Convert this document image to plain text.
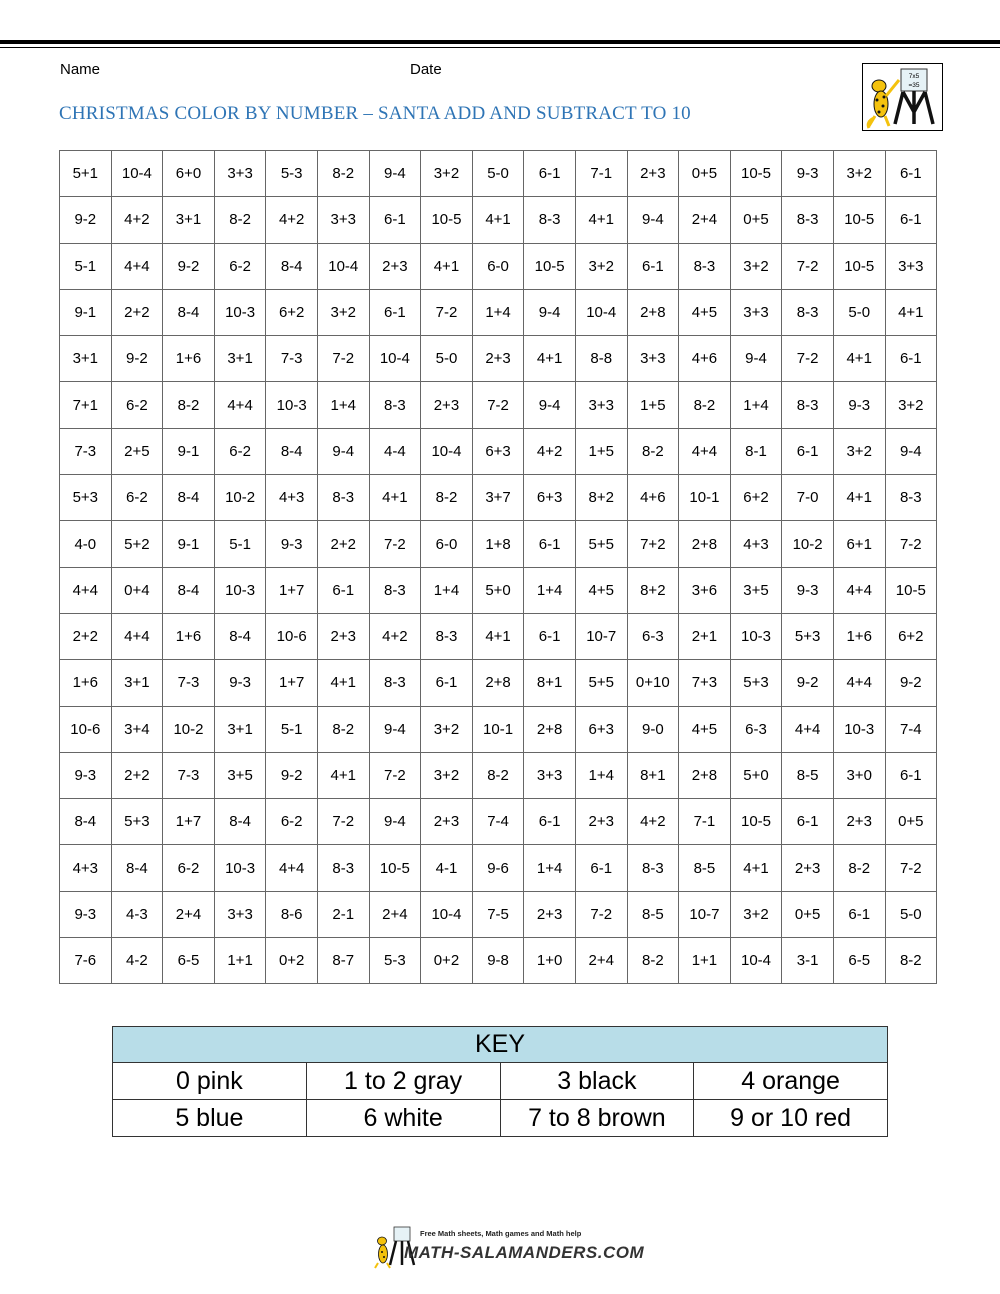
Name	Date
CHRISTMAS COLOR BY NUMBER – SANTA ADD AND SUBTRACT TO 10
7x5
=35
5+1	10-4	6+0	3+3	5-3	8-2	9-4	3+2	5-0	6-1	7-1	2+3	0+5	10-5	9-3	3+2	6-1
9-2	4+2	3+1	8-2	4+2	3+3	6-1	10-5	4+1	8-3	4+1	9-4	2+4	0+5	8-3	10-5	6-1
5-1	4+4	9-2	6-2	8-4	10-4	2+3	4+1	6-0	10-5	3+2	6-1	8-3	3+2	7-2	10-5	3+3
9-1	2+2	8-4	10-3	6+2	3+2	6-1	7-2	1+4	9-4	10-4	2+8	4+5	3+3	8-3	5-0	4+1
3+1	9-2	1+6	3+1	7-3	7-2	10-4	5-0	2+3	4+1	8-8	3+3	4+6	9-4	7-2	4+1	6-1
7+1	6-2	8-2	4+4	10-3	1+4	8-3	2+3	7-2	9-4	3+3	1+5	8-2	1+4	8-3	9-3	3+2
7-3	2+5	9-1	6-2	8-4	9-4	4-4	10-4	6+3	4+2	1+5	8-2	4+4	8-1	6-1	3+2	9-4
5+3	6-2	8-4	10-2	4+3	8-3	4+1	8-2	3+7	6+3	8+2	4+6	10-1	6+2	7-0	4+1	8-3
4-0	5+2	9-1	5-1	9-3	2+2	7-2	6-0	1+8	6-1	5+5	7+2	2+8	4+3	10-2	6+1	7-2
4+4	0+4	8-4	10-3	1+7	6-1	8-3	1+4	5+0	1+4	4+5	8+2	3+6	3+5	9-3	4+4	10-5
2+2	4+4	1+6	8-4	10-6	2+3	4+2	8-3	4+1	6-1	10-7	6-3	2+1	10-3	5+3	1+6	6+2
1+6	3+1	7-3	9-3	1+7	4+1	8-3	6-1	2+8	8+1	5+5	0+10	7+3	5+3	9-2	4+4	9-2
10-6	3+4	10-2	3+1	5-1	8-2	9-4	3+2	10-1	2+8	6+3	9-0	4+5	6-3	4+4	10-3	7-4
9-3	2+2	7-3	3+5	9-2	4+1	7-2	3+2	8-2	3+3	1+4	8+1	2+8	5+0	8-5	3+0	6-1
8-4	5+3	1+7	8-4	6-2	7-2	9-4	2+3	7-4	6-1	2+3	4+2	7-1	10-5	6-1	2+3	0+5
4+3	8-4	6-2	10-3	4+4	8-3	10-5	4-1	9-6	1+4	6-1	8-3	8-5	4+1	2+3	8-2	7-2
9-3	4-3	2+4	3+3	8-6	2-1	2+4	10-4	7-5	2+3	7-2	8-5	10-7	3+2	0+5	6-1	5-0
7-6	4-2	6-5	1+1	0+2	8-7	5-3	0+2	9-8	1+0	2+4	8-2	1+1	10-4	3-1	6-5	8-2
KEY			
0 pink	1 to 2 gray	3 black	4 orange
5 blue	6 white	7 to 8 brown	9 or 10 red
Free Math sheets, Math games and Math help
MATH-SALAMANDERS.COM
